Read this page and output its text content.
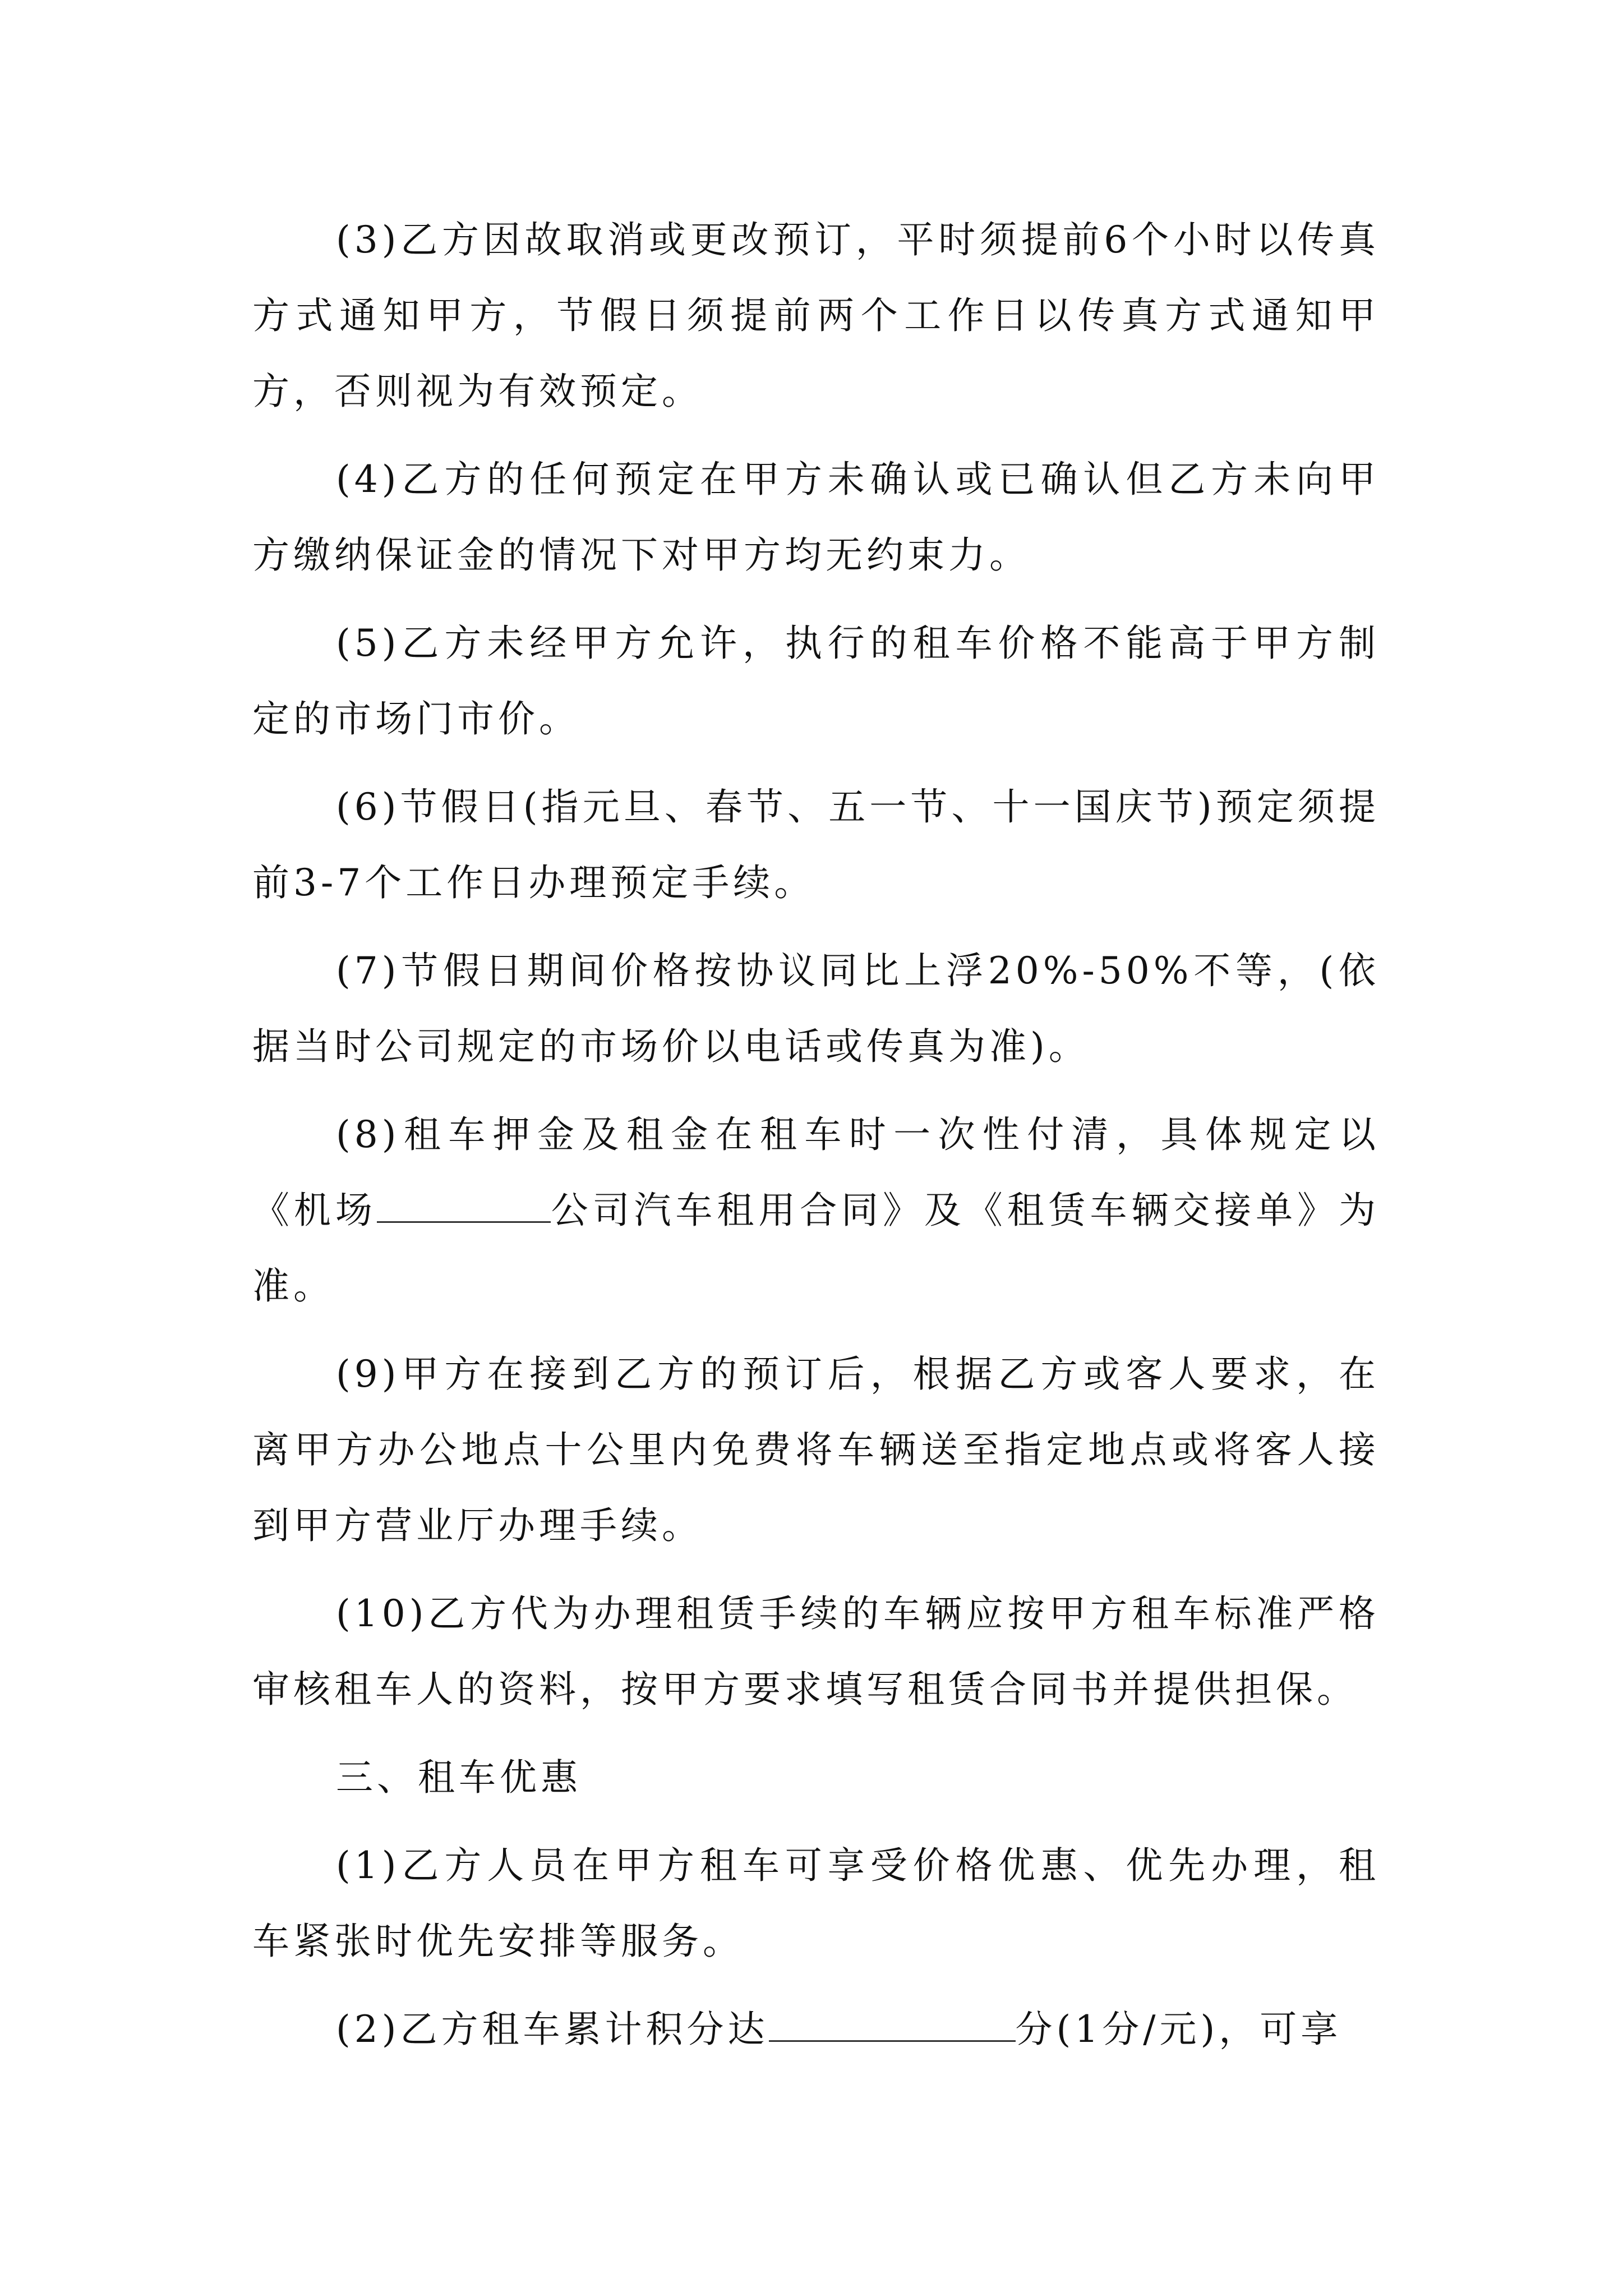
(3)乙方因故取消或更改预订，平时须提前6个小时以传真方式通知甲方，节假日须提前两个工作日以传真方式通知甲方，否则视为有效预定。

(4)乙方的任何预定在甲方未确认或已确认但乙方未向甲方缴纳保证金的情况下对甲方均无约束力。

(5)乙方未经甲方允许，执行的租车价格不能高于甲方制定的市场门市价。

(6)节假日(指元旦、春节、五一节、十一国庆节)预定须提前3-7个工作日办理预定手续。

(7)节假日期间价格按协议同比上浮20%-50%不等，(依据当时公司规定的市场价以电话或传真为准)。

(8)租车押金及租金在租车时一次性付清，具体规定以《机场	公司汽车租用合同》及《租赁车辆交接单》为准。

(9)甲方在接到乙方的预订后，根据乙方或客人要求，在离甲方办公地点十公里内免费将车辆送至指定地点或将客人接到甲方营业厅办理手续。

(10)乙方代为办理租赁手续的车辆应按甲方租车标准严格审核租车人的资料，按甲方要求填写租赁合同书并提供担保。

三、租车优惠

(1)乙方人员在甲方租车可享受价格优惠、优先办理，租车紧张时优先安排等服务。

(2)乙方租车累计积分达	分(1分/元)，可享
